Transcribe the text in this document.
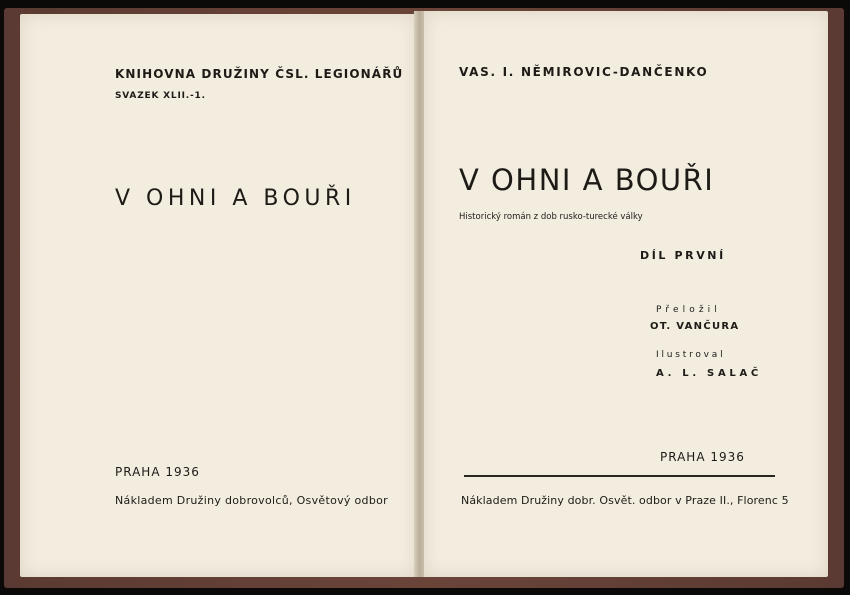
KNIHOVNA DRUŽINY ČSL. LEGIONÁŘŮ
SVAZEK XLII.-1.
V OHNI A BOUŘI
PRAHA 1936
Nákladem Družiny dobrovolců, Osvětový odbor
VAS. I. NĚMIROVIC-DANČENKO
V OHNI A BOUŘI
Historický román z dob rusko-turecké války
DÍL PRVNÍ
Přeložil
OT. VANČURA
Ilustroval
A. L. SALAČ
PRAHA 1936
Nákladem Družiny dobr. Osvět. odbor v Praze II., Florenc 5
